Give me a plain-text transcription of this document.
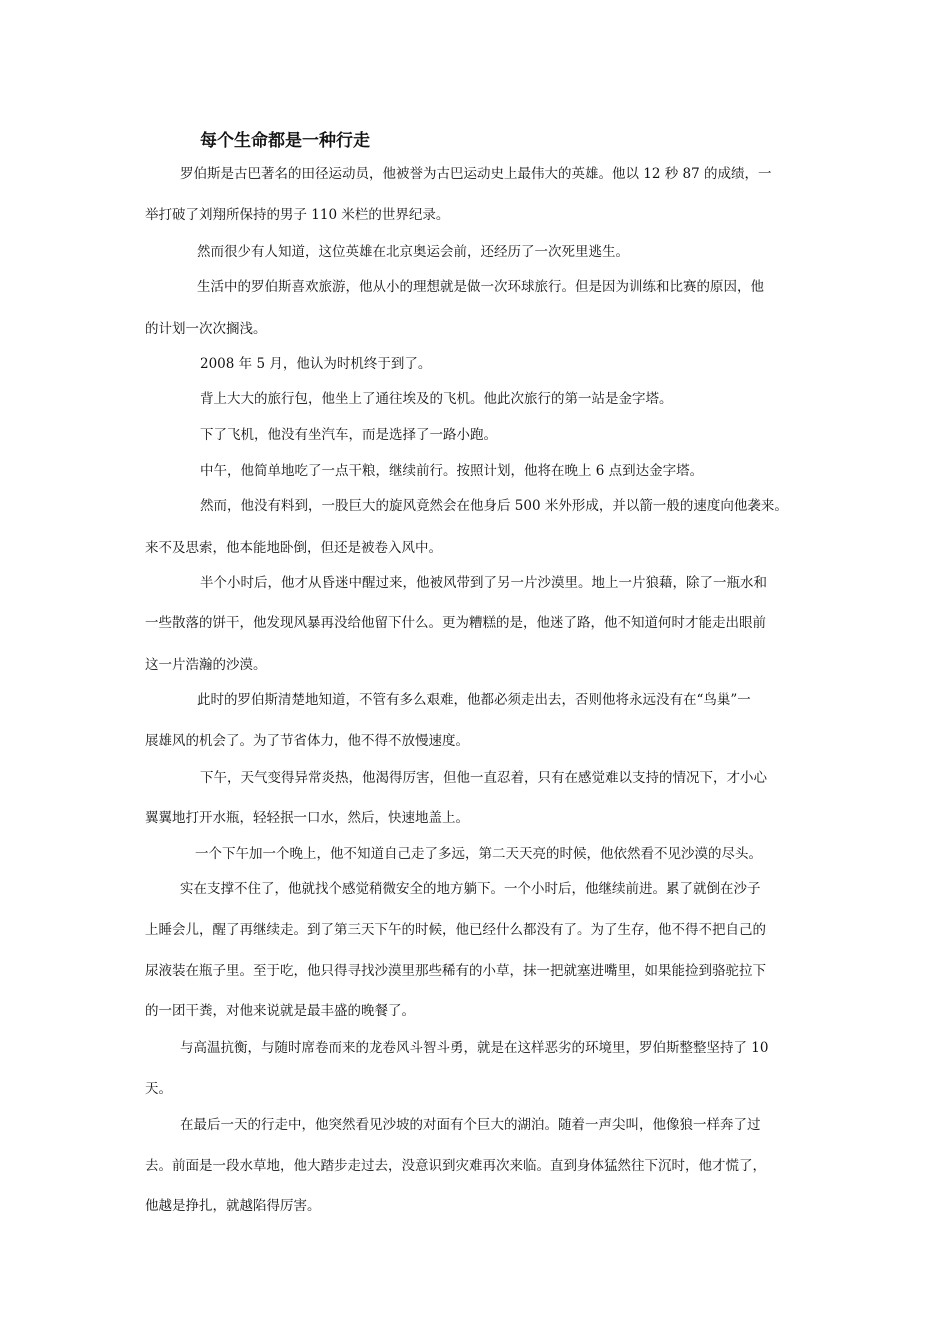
每个生命都是一种行走
罗伯斯是古巴著名的田径运动员，他被誉为古巴运动史上最伟大的英雄。他以 12 秒 87 的成绩，一
举打破了刘翔所保持的男子 110 米栏的世界纪录。
然而很少有人知道，这位英雄在北京奥运会前，还经历了一次死里逃生。
生活中的罗伯斯喜欢旅游，他从小的理想就是做一次环球旅行。但是因为训练和比赛的原因，他
的计划一次次搁浅。
2008 年 5 月，他认为时机终于到了。
背上大大的旅行包，他坐上了通往埃及的飞机。他此次旅行的第一站是金字塔。
下了飞机，他没有坐汽车，而是选择了一路小跑。
中午，他简单地吃了一点干粮，继续前行。按照计划，他将在晚上 6 点到达金字塔。
然而，他没有料到，一股巨大的旋风竟然会在他身后 500 米外形成，并以箭一般的速度向他袭来。
来不及思索，他本能地卧倒，但还是被卷入风中。
半个小时后，他才从昏迷中醒过来，他被风带到了另一片沙漠里。地上一片狼藉，除了一瓶水和
一些散落的饼干，他发现风暴再没给他留下什么。更为糟糕的是，他迷了路，他不知道何时才能走出眼前
这一片浩瀚的沙漠。
此时的罗伯斯清楚地知道，不管有多么艰难，他都必须走出去，否则他将永远没有在“鸟巢”一
展雄风的机会了。为了节省体力，他不得不放慢速度。
下午，天气变得异常炎热，他渴得厉害，但他一直忍着，只有在感觉难以支持的情况下，才小心
翼翼地打开水瓶，轻轻抿一口水，然后，快速地盖上。
一个下午加一个晚上，他不知道自己走了多远，第二天天亮的时候，他依然看不见沙漠的尽头。
实在支撑不住了，他就找个感觉稍微安全的地方躺下。一个小时后，他继续前进。累了就倒在沙子
上睡会儿，醒了再继续走。到了第三天下午的时候，他已经什么都没有了。为了生存，他不得不把自己的
尿液装在瓶子里。至于吃，他只得寻找沙漠里那些稀有的小草，抹一把就塞进嘴里，如果能捡到骆驼拉下
的一团干粪，对他来说就是最丰盛的晚餐了。
与高温抗衡，与随时席卷而来的龙卷风斗智斗勇，就是在这样恶劣的环境里，罗伯斯整整坚持了 10
天。
在最后一天的行走中，他突然看见沙坡的对面有个巨大的湖泊。随着一声尖叫，他像狼一样奔了过
去。前面是一段水草地，他大踏步走过去，没意识到灾难再次来临。直到身体猛然往下沉时，他才慌了，
他越是挣扎，就越陷得厉害。
